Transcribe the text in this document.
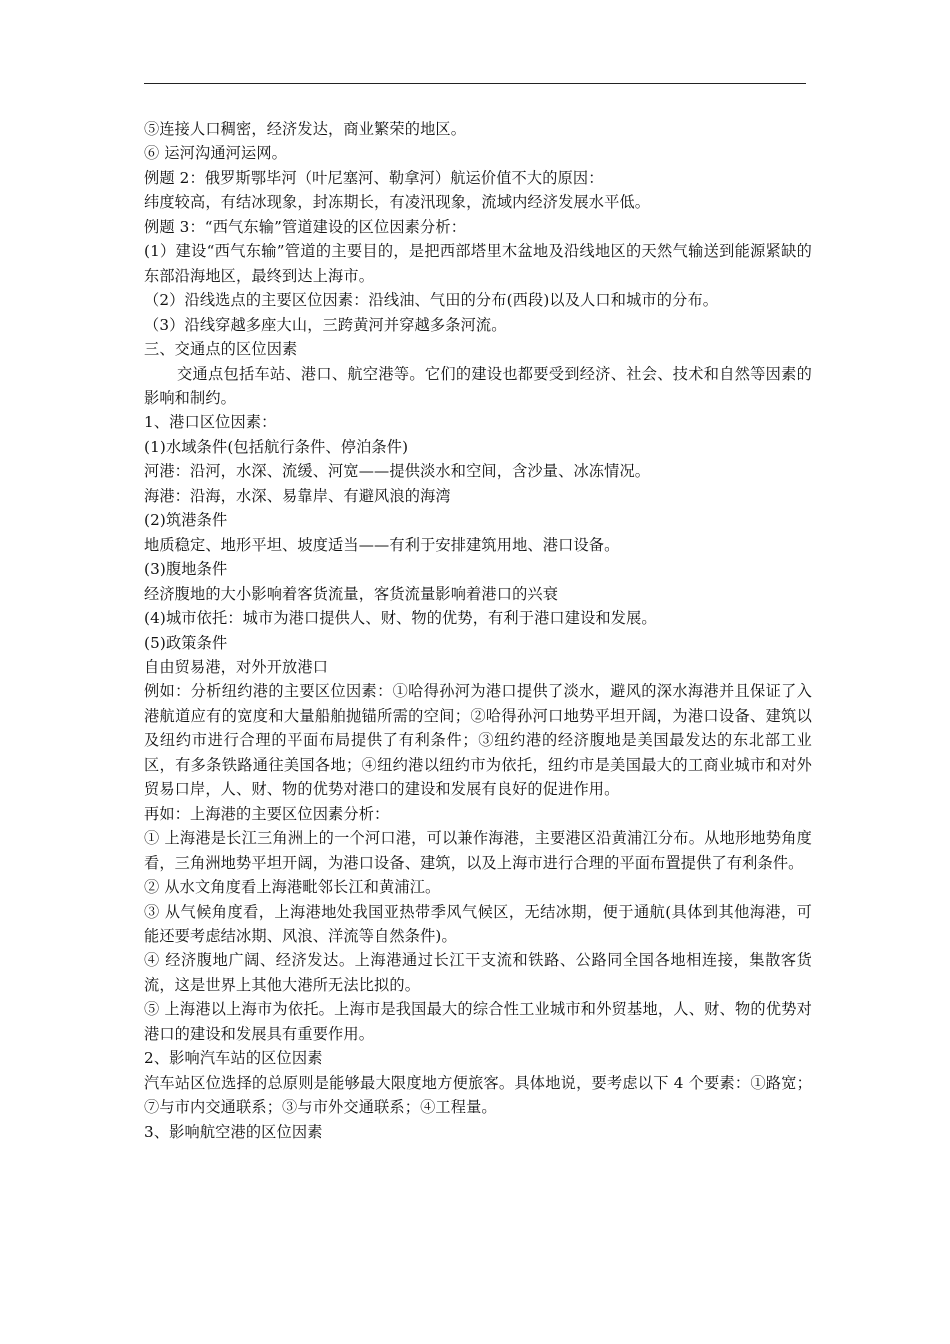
⑤连接人口稠密，经济发达，商业繁荣的地区。

⑥ 运河沟通河运网。

例题 2：俄罗斯鄂毕河（叶尼塞河、勒拿河）航运价值不大的原因：

纬度较高，有结冰现象，封冻期长，有凌汛现象，流域内经济发展水平低。

例题 3：“西气东输”管道建设的区位因素分析：

(1）建设“西气东输”管道的主要目的，是把西部塔里木盆地及沿线地区的天然气输送到能源紧缺的东部沿海地区，最终到达上海市。

（2）沿线选点的主要区位因素：沿线油、气田的分布(西段)以及人口和城市的分布。

（3）沿线穿越多座大山，三跨黄河并穿越多条河流。

三、交通点的区位因素

交通点包括车站、港口、航空港等。它们的建设也都要受到经济、社会、技术和自然等因素的影响和制约。

1、港口区位因素：

(1)水域条件(包括航行条件、停泊条件)

河港：沿河，水深、流缓、河宽——提供淡水和空间，含沙量、冰冻情况。

海港：沿海，水深、易靠岸、有避风浪的海湾

(2)筑港条件

地质稳定、地形平坦、坡度适当——有利于安排建筑用地、港口设备。

(3)腹地条件

经济腹地的大小影响着客货流量，客货流量影响着港口的兴衰

(4)城市依托：城市为港口提供人、财、物的优势，有利于港口建设和发展。

(5)政策条件

自由贸易港，对外开放港口

例如：分析纽约港的主要区位因素：①哈得孙河为港口提供了淡水，避风的深水海港并且保证了入港航道应有的宽度和大量船舶抛锚所需的空间；②哈得孙河口地势平坦开阔，为港口设备、建筑以及纽约市进行合理的平面布局提供了有利条件；③纽约港的经济腹地是美国最发达的东北部工业区，有多条铁路通往美国各地；④纽约港以纽约市为依托，纽约市是美国最大的工商业城市和对外贸易口岸，人、财、物的优势对港口的建设和发展有良好的促进作用。

再如：上海港的主要区位因素分析：

① 上海港是长江三角洲上的一个河口港，可以兼作海港，主要港区沿黄浦江分布。从地形地势角度看，三角洲地势平坦开阔，为港口设备、建筑，以及上海市进行合理的平面布置提供了有利条件。

② 从水文角度看上海港毗邻长江和黄浦江。

③ 从气候角度看，上海港地处我国亚热带季风气候区，无结冰期，便于通航(具体到其他海港，可能还要考虑结冰期、风浪、洋流等自然条件)。

④ 经济腹地广阔、经济发达。上海港通过长江干支流和铁路、公路同全国各地相连接，集散客货流，这是世界上其他大港所无法比拟的。

⑤ 上海港以上海市为依托。上海市是我国最大的综合性工业城市和外贸基地，人、财、物的优势对港口的建设和发展具有重要作用。

2、影响汽车站的区位因素

汽车站区位选择的总原则是能够最大限度地方便旅客。具体地说，要考虑以下 4 个要素：①路宽；⑦与市内交通联系；③与市外交通联系；④工程量。

3、影响航空港的区位因素
